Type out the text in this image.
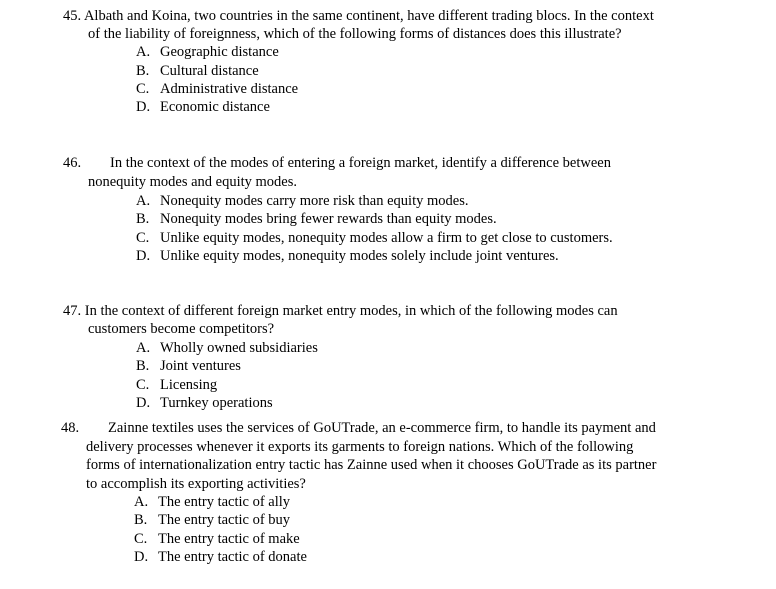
45. Albath and Koina, two countries in the same continent, have different trading blocs. In the context
of the liability of foreignness, which of the following forms of distances does this illustrate?
A. Geographic distance
B. Cultural distance
C. Administrative distance
D. Economic distance
46. In the context of the modes of entering a foreign market, identify a difference between
nonequity modes and equity modes.
A. Nonequity modes carry more risk than equity modes.
B. Nonequity modes bring fewer rewards than equity modes.
C. Unlike equity modes, nonequity modes allow a firm to get close to customers.
D. Unlike equity modes, nonequity modes solely include joint ventures.
47. In the context of different foreign market entry modes, in which of the following modes can
customers become competitors?
A. Wholly owned subsidiaries
B. Joint ventures
C. Licensing
D. Turnkey operations
48. Zainne textiles uses the services of GoUTrade, an e-commerce firm, to handle its payment and
delivery processes whenever it exports its garments to foreign nations. Which of the following
forms of internationalization entry tactic has Zainne used when it chooses GoUTrade as its partner
to accomplish its exporting activities?
A. The entry tactic of ally
B. The entry tactic of buy
C. The entry tactic of make
D. The entry tactic of donate
